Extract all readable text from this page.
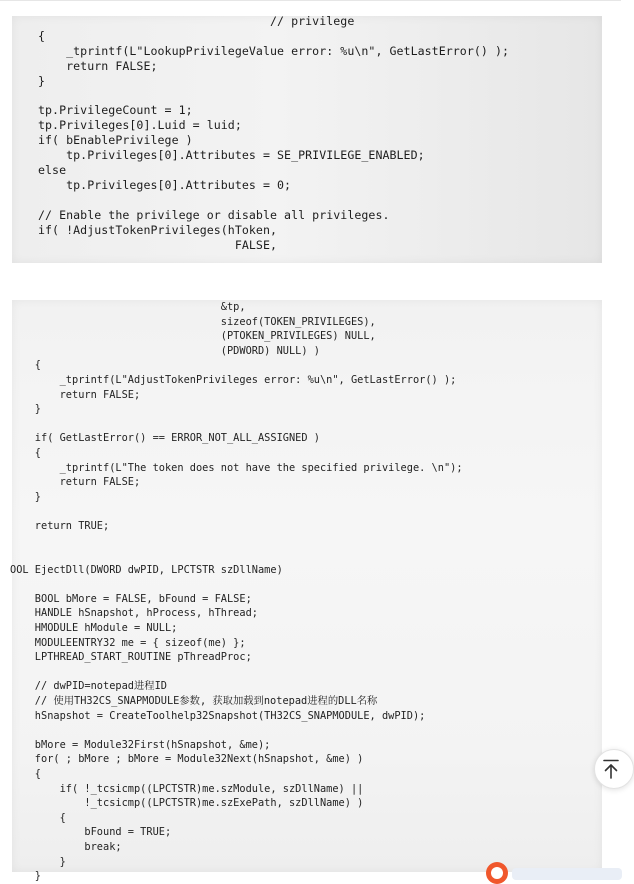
// privilege
{
_tprintf(L"LookupPrivilegeValue error: %u\n", GetLastError() );
return FALSE;
}

tp.PrivilegeCount = 1;
tp.Privileges[0].Luid = luid;
if( bEnablePrivilege )
tp.Privileges[0].Attributes = SE_PRIVILEGE_ENABLED;
else
tp.Privileges[0].Attributes = 0;

// Enable the privilege or disable all privileges.
if( !AdjustTokenPrivileges(hToken,
FALSE,
&tp,
sizeof(TOKEN_PRIVILEGES),
(PTOKEN_PRIVILEGES) NULL,
(PDWORD) NULL) )
{
_tprintf(L"AdjustTokenPrivileges error: %u\n", GetLastError() );
return FALSE;
}

if( GetLastError() == ERROR_NOT_ALL_ASSIGNED )
{
_tprintf(L"The token does not have the specified privilege. \n");
return FALSE;
}

return TRUE;

OOL EjectDll(DWORD dwPID, LPCTSTR szDllName)

BOOL bMore = FALSE, bFound = FALSE;
HANDLE hSnapshot, hProcess, hThread;
HMODULE hModule = NULL;
MODULEENTRY32 me = { sizeof(me) };
LPTHREAD_START_ROUTINE pThreadProc;

// dwPID=notepad进程ID
// 使用TH32CS_SNAPMODULE参数, 获取加载到notepad进程的DLL名称
hSnapshot = CreateToolhelp32Snapshot(TH32CS_SNAPMODULE, dwPID);

bMore = Module32First(hSnapshot, &me);
for( ; bMore ; bMore = Module32Next(hSnapshot, &me) )
{
if( !_tcsicmp((LPCTSTR)me.szModule, szDllName) ||
!_tcsicmp((LPCTSTR)me.szExePath, szDllName) )
{
bFound = TRUE;
break;
}
}
